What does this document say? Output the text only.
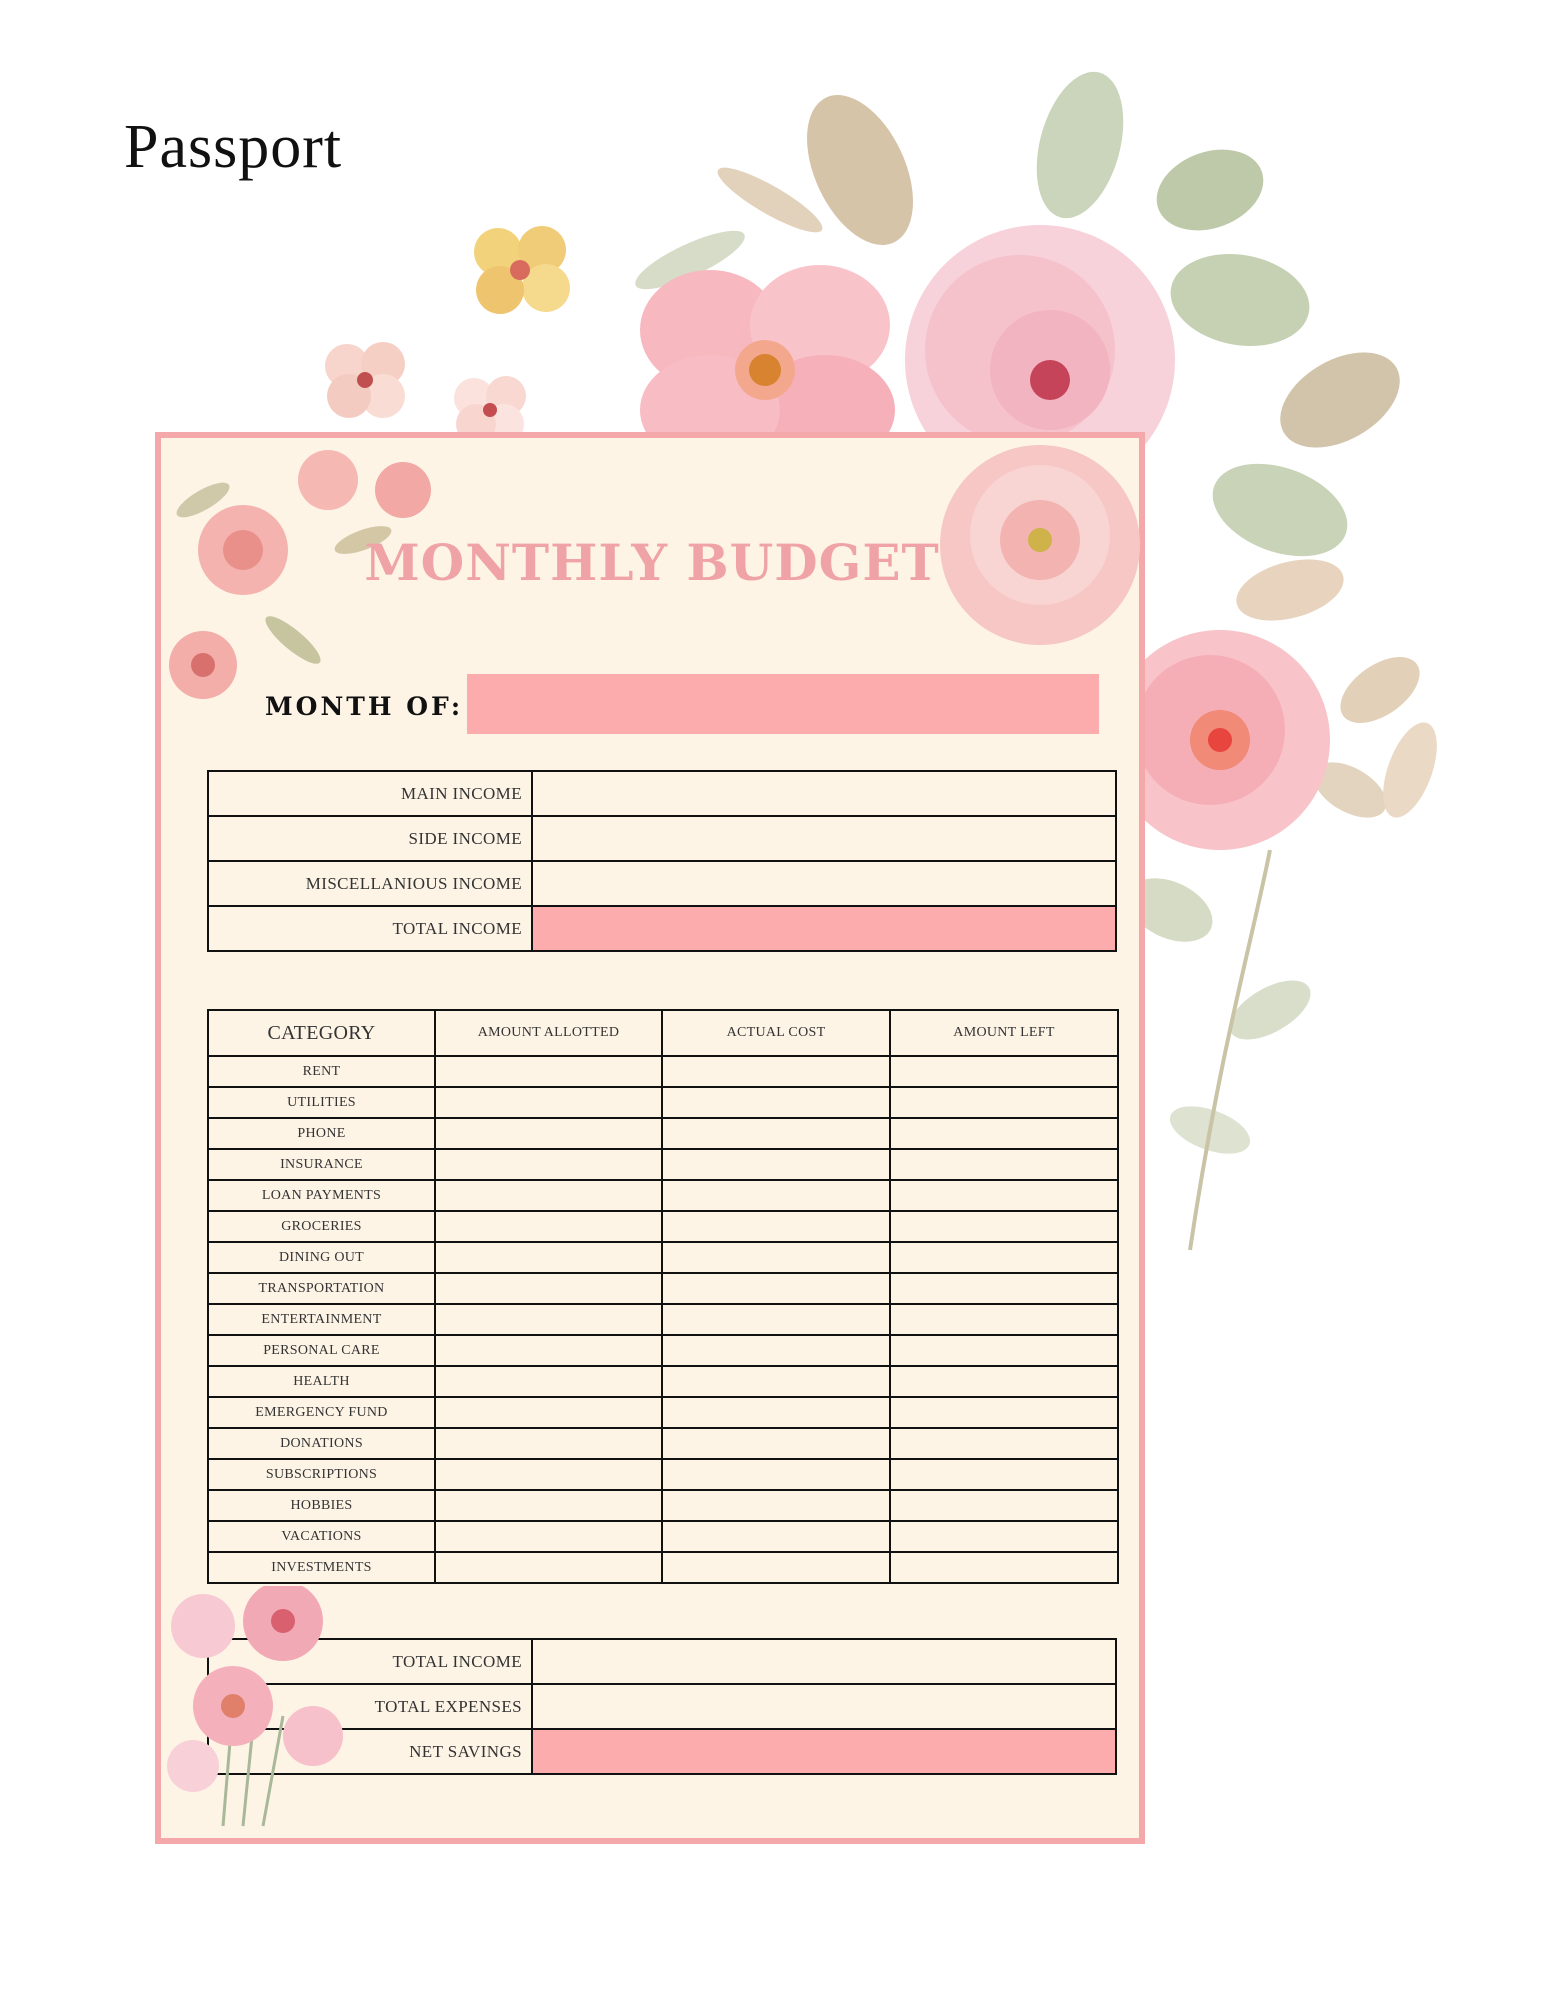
Passport
MONTHLY BUDGET
MONTH OF:
MAIN INCOME	
SIDE INCOME	
MISCELLANIOUS INCOME	
TOTAL INCOME	
CATEGORY	AMOUNT ALLOTTED	ACTUAL COST	AMOUNT LEFT
RENT			
UTILITIES			
PHONE			
INSURANCE			
LOAN PAYMENTS			
GROCERIES			
DINING OUT			
TRANSPORTATION			
ENTERTAINMENT			
PERSONAL CARE			
HEALTH			
EMERGENCY FUND			
DONATIONS			
SUBSCRIPTIONS			
HOBBIES			
VACATIONS			
INVESTMENTS			
TOTAL INCOME	
TOTAL EXPENSES	
NET SAVINGS	
